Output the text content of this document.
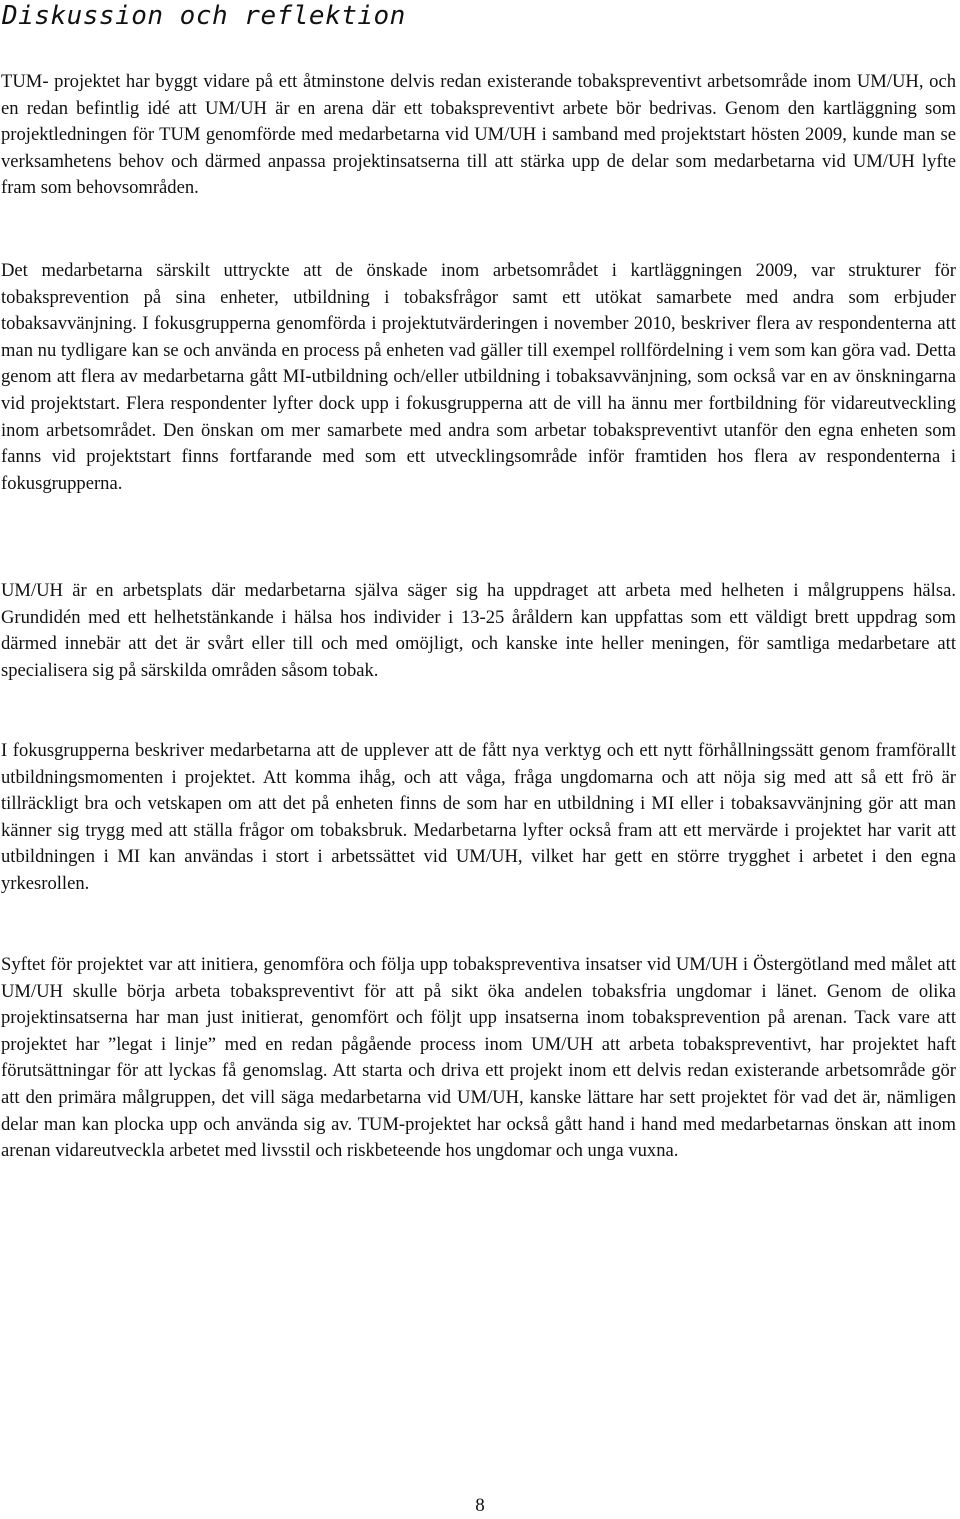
Diskussion och reflektion

TUM- projektet har byggt vidare på ett åtminstone delvis redan existerande tobakspreventivt arbetsområde inom UM/UH, och en redan befintlig idé att UM/UH är en arena där ett tobakspreventivt arbete bör bedrivas. Genom den kartläggning som projektledningen för TUM genomförde med medarbetarna vid UM/UH i samband med projektstart hösten 2009, kunde man se verksamhetens behov och därmed anpassa projektinsatserna till att stärka upp de delar som medarbetarna vid UM/UH lyfte fram som behovsområden.

Det medarbetarna särskilt uttryckte att de önskade inom arbetsområdet i kartläggningen 2009, var strukturer för tobaksprevention på sina enheter, utbildning i tobaksfrågor samt ett utökat samarbete med andra som erbjuder tobaksavvänjning. I fokusgrupperna genomförda i projektutvärderingen i november 2010, beskriver flera av respondenterna att man nu tydligare kan se och använda en process på enheten vad gäller till exempel rollfördelning i vem som kan göra vad. Detta genom att flera av medarbetarna gått MI-utbildning och/eller utbildning i tobaksavvänjning, som också var en av önskningarna vid projektstart. Flera respondenter lyfter dock upp i fokusgrupperna att de vill ha ännu mer fortbildning för vidareutveckling inom arbetsområdet. Den önskan om mer samarbete med andra som arbetar tobakspreventivt utanför den egna enheten som fanns vid projektstart finns fortfarande med som ett utvecklingsområde inför framtiden hos flera av respondenterna i fokusgrupperna.

UM/UH är en arbetsplats där medarbetarna själva säger sig ha uppdraget att arbeta med helheten i målgruppens hälsa. Grundidén med ett helhetstänkande i hälsa hos individer i 13-25 åråldern kan uppfattas som ett väldigt brett uppdrag som därmed innebär att det är svårt eller till och med omöjligt, och kanske inte heller meningen, för samtliga medarbetare att specialisera sig på särskilda områden såsom tobak.

I fokusgrupperna beskriver medarbetarna att de upplever att de fått nya verktyg och ett nytt förhållningssätt genom framförallt utbildningsmomenten i projektet. Att komma ihåg, och att våga, fråga ungdomarna och att nöja sig med att så ett frö är tillräckligt bra och vetskapen om att det på enheten finns de som har en utbildning i MI eller i tobaksavvänjning gör att man känner sig trygg med att ställa frågor om tobaksbruk. Medarbetarna lyfter också fram att ett mervärde i projektet har varit att utbildningen i MI kan användas i stort i arbetssättet vid UM/UH, vilket har gett en större trygghet i arbetet i den egna yrkesrollen.

Syftet för projektet var att initiera, genomföra och följa upp tobakspreventiva insatser vid UM/UH i Östergötland med målet att UM/UH skulle börja arbeta tobakspreventivt för att på sikt öka andelen tobaksfria ungdomar i länet. Genom de olika projektinsatserna har man just initierat, genomfört och följt upp insatserna inom tobaksprevention på arenan. Tack vare att projektet har ”legat i linje” med en redan pågående process inom UM/UH att arbeta tobakspreventivt, har projektet haft förutsättningar för att lyckas få genomslag. Att starta och driva ett projekt inom ett delvis redan existerande arbetsområde gör att den primära målgruppen, det vill säga medarbetarna vid UM/UH, kanske lättare har sett projektet för vad det är, nämligen delar man kan plocka upp och använda sig av. TUM-projektet har också gått hand i hand med medarbetarnas önskan att inom arenan vidareutveckla arbetet med livsstil och riskbeteende hos ungdomar och unga vuxna.

8
